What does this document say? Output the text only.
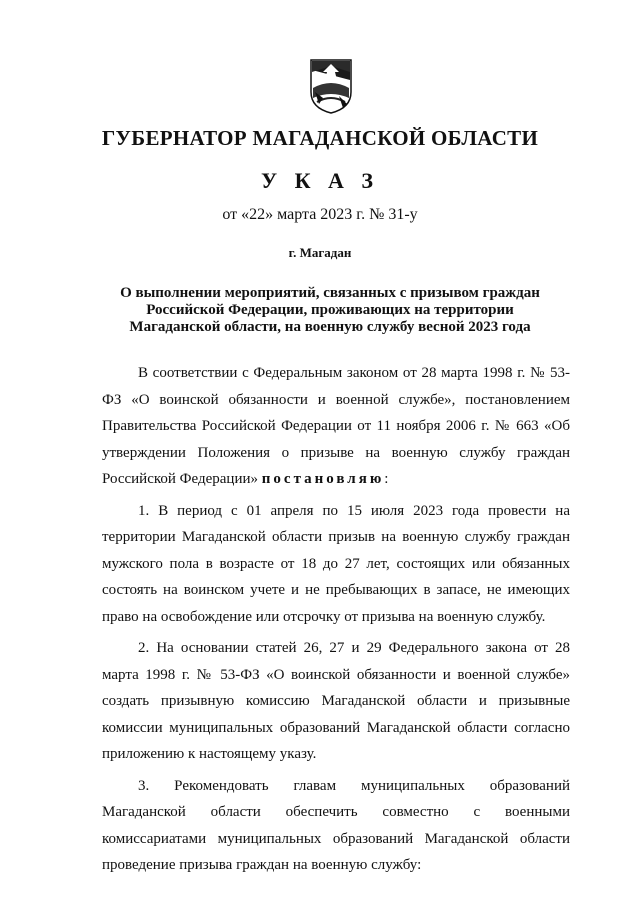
ГУБЕРНАТОР МАГАДАНСКОЙ ОБЛАСТИ
У К А З
от «22» марта 2023 г. № 31-у
г. Магадан
О выполнении мероприятий, связанных с призывом граждан
Российской Федерации, проживающих на территории
Магаданской области, на военную службу весной 2023 года

В соответствии с Федеральным законом от 28 марта 1998 г. № 53-ФЗ «О воинской обязанности и военной службе», постановлением Правительства Российской Федерации от 11 ноября 2006 г. № 663 «Об утверждении Положения о призыве на военную службу граждан Российской Федерации» постановляю:

1. В период с 01 апреля по 15 июля 2023 года провести на территории Магаданской области призыв на военную службу граждан мужского пола в возрасте от 18 до 27 лет, состоящих или обязанных состоять на воинском учете и не пребывающих в запасе, не имеющих право на освобождение или отсрочку от призыва на военную службу.

2. На основании статей 26, 27 и 29 Федерального закона от 28 марта 1998 г. № 53-ФЗ «О воинской обязанности и военной службе» создать призывную комиссию Магаданской области и призывные комиссии муниципальных образований Магаданской области согласно приложению к настоящему указу.

3. Рекомендовать главам муниципальных образований Магаданской области обеспечить совместно с военными комиссариатами муниципальных образований Магаданской области проведение призыва граждан на военную службу:
